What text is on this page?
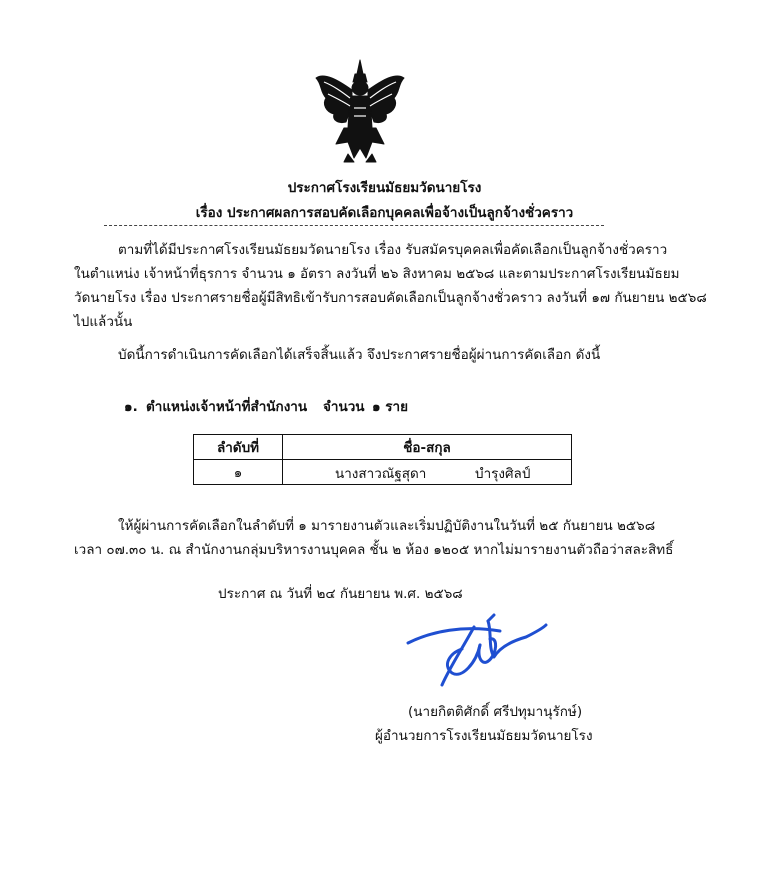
ประกาศโรงเรียนมัธยมวัดนายโรง
เรื่อง ประกาศผลการสอบคัดเลือกบุคคลเพื่อจ้างเป็นลูกจ้างชั่วคราว
ตามที่ได้มีประกาศโรงเรียนมัธยมวัดนายโรง เรื่อง รับสมัครบุคคลเพื่อคัดเลือกเป็นลูกจ้างชั่วคราว
ในตำแหน่ง เจ้าหน้าที่ธุรการ จำนวน ๑ อัตรา ลงวันที่ ๒๖ สิงหาคม ๒๕๖๘ และตามประกาศโรงเรียนมัธยม
วัดนายโรง เรื่อง ประกาศรายชื่อผู้มีสิทธิเข้ารับการสอบคัดเลือกเป็นลูกจ้างชั่วคราว ลงวันที่ ๑๗ กันยายน ๒๕๖๘
ไปแล้วนั้น
บัดนี้การดำเนินการคัดเลือกได้เสร็จสิ้นแล้ว จึงประกาศรายชื่อผู้ผ่านการคัดเลือก ดังนี้
๑. ตำแหน่งเจ้าหน้าที่สำนักงาน จำนวน ๑ ราย
ลำดับที่	ชื่อ-สกุล
๑	นางสาวณัฐสุดา บำรุงศิลป์
ให้ผู้ผ่านการคัดเลือกในลำดับที่ ๑ มารายงานตัวและเริ่มปฏิบัติงานในวันที่ ๒๕ กันยายน ๒๕๖๘
เวลา ๐๗.๓๐ น. ณ สำนักงานกลุ่มบริหารงานบุคคล ชั้น ๒ ห้อง ๑๒๐๕ หากไม่มารายงานตัวถือว่าสละสิทธิ์
ประกาศ ณ วันที่ ๒๔ กันยายน พ.ศ. ๒๕๖๘
(นายกิตติศักดิ์ ศรีปทุมานุรักษ์)
ผู้อำนวยการโรงเรียนมัธยมวัดนายโรง
